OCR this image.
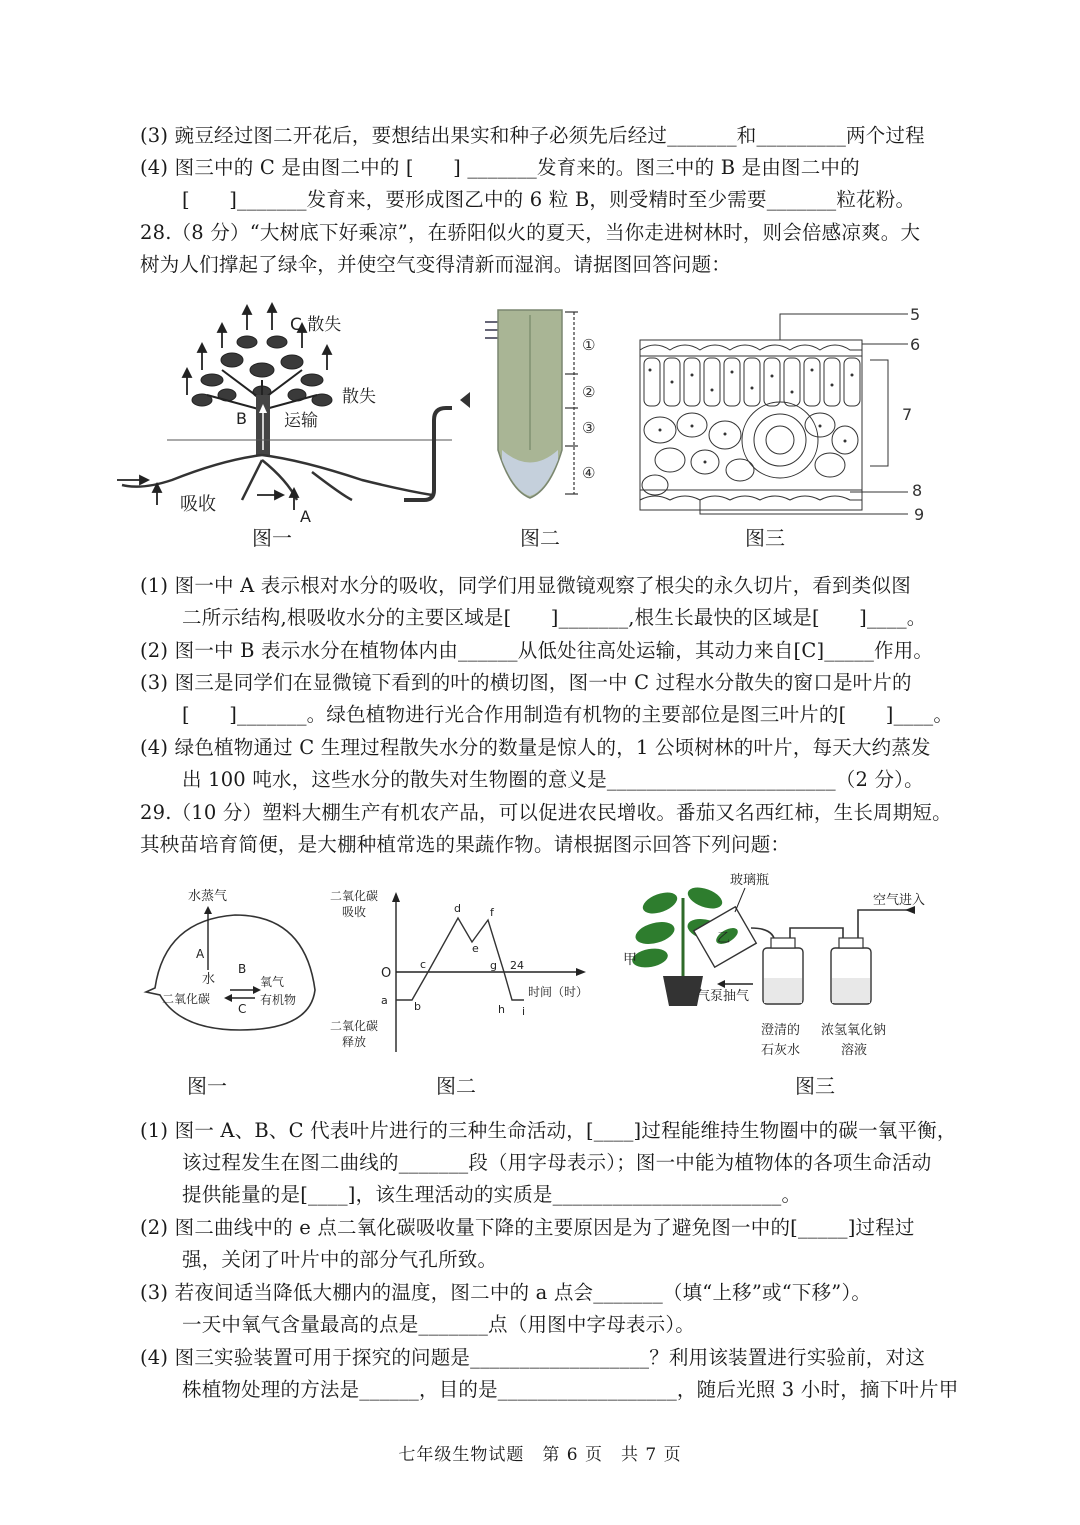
(3) 豌豆经过图二开花后，要想结出果实和种子必须先后经过_______和_________两个过程
(4) 图三中的 C 是由图二中的 [　　] _______发育来的。图三中的 B 是由图二中的
[　　]_______发育来，要形成图乙中的 6 粒 B，则受精时至少需要_______粒花粉。
28.（8 分）“大树底下好乘凉”，在骄阳似火的夏天，当你走进树林时，则会倍感凉爽。大
树为人们撑起了绿伞，并使空气变得清新而湿润。请据图回答问题：
C 散失
散失
B 运输
吸收
A
图一
①
②
③
④
图二
5
6
7
8
9
图三
(1) 图一中 A 表示根对水分的吸收，同学们用显微镜观察了根尖的永久切片，看到类似图
二所示结构,根吸收水分的主要区域是[　　]_______,根生长最快的区域是[　　]____。
(2) 图一中 B 表示水分在植物体内由______从低处往高处运输，其动力来自[C]_____作用。
(3) 图三是同学们在显微镜下看到的叶的横切图，图一中 C 过程水分散失的窗口是叶片的
[　　]_______。绿色植物进行光合作用制造有机物的主要部位是图三叶片的[　　]____。
(4) 绿色植物通过 C 生理过程散失水分的数量是惊人的，1 公顷树林的叶片，每天大约蒸发
出 100 吨水，这些水分的散失对生物圈的意义是_______________________（2 分）。
29.（10 分）塑料大棚生产有机农产品，可以促进农民增收。番茄又名西红柿，生长周期短。
其秧苗培育简便，是大棚种植常选的果蔬作物。请根据图示回答下列问题：
水蒸气
A
水
B
C
二氧化碳
氧气
有机物
图一
二氧化碳
吸收
二氧化碳
释放
O
时间（时）
24
a b
c
d
e
f
g
h i
图二
甲
乙
玻璃瓶
空气进入
气泵抽气
澄清的
石灰水
浓氢氧化钠
溶液
图三
(1) 图一 A、B、C 代表叶片进行的三种生命活动，[____]过程能维持生物圈中的碳一氧平衡，
该过程发生在图二曲线的_______段（用字母表示）；图一中能为植物体的各项生命活动
提供能量的是[____]，该生理活动的实质是_______________________。
(2) 图二曲线中的 e 点二氧化碳吸收量下降的主要原因是为了避免图一中的[_____]过程过
强，关闭了叶片中的部分气孔所致。
(3) 若夜间适当降低大棚内的温度，图二中的 a 点会_______（填“上移”或“下移”）。
一天中氧气含量最高的点是_______点（用图中字母表示）。
(4) 图三实验装置可用于探究的问题是__________________？利用该装置进行实验前，对这
株植物处理的方法是______，目的是__________________，随后光照 3 小时，摘下叶片甲
七年级生物试题　第 6 页　共 7 页
